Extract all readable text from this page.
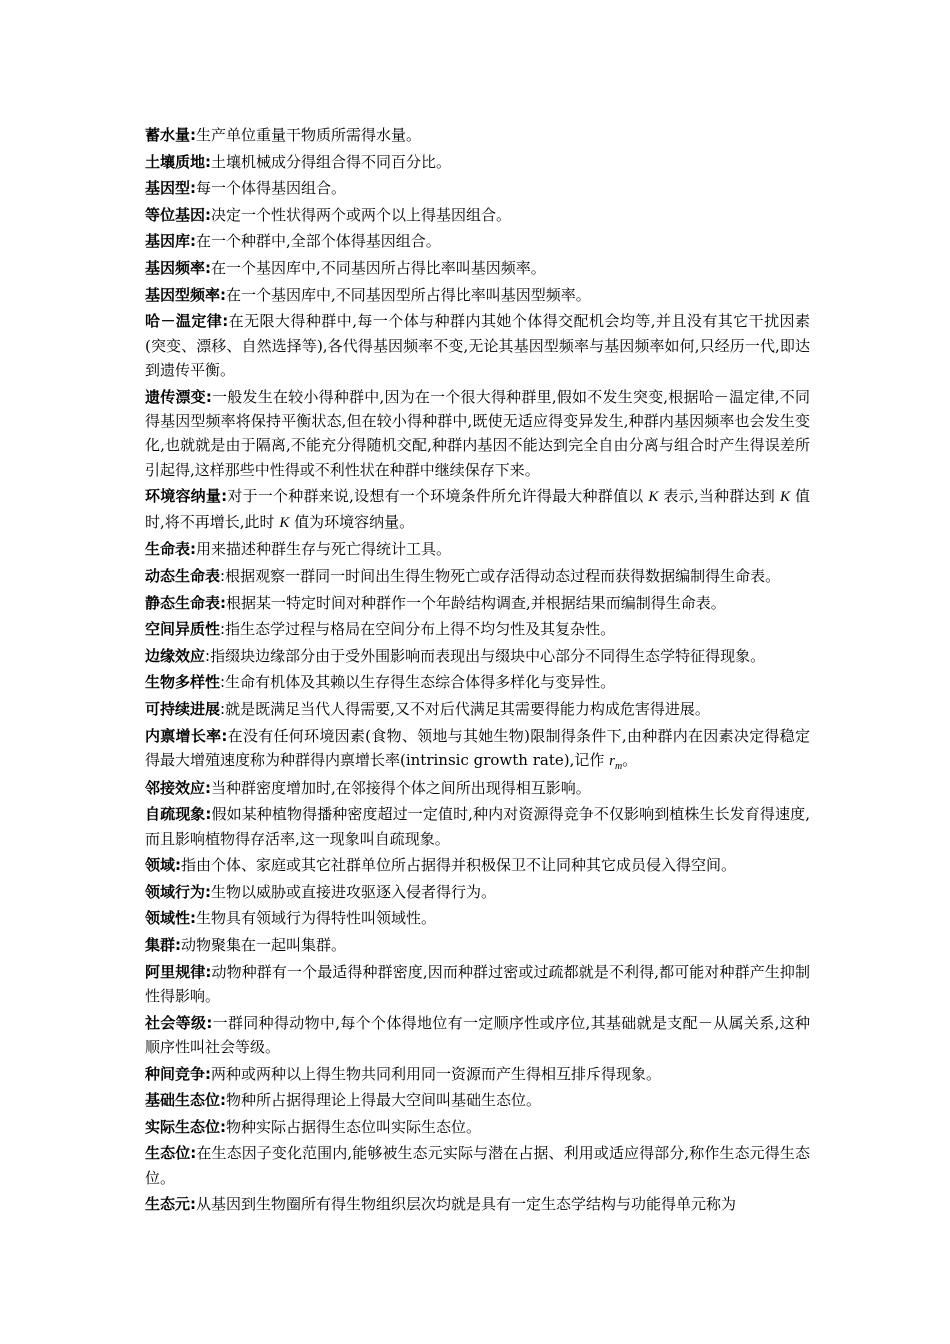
蓄水量:生产单位重量干物质所需得水量。

土壤质地:土壤机械成分得组合得不同百分比。

基因型:每一个体得基因组合。

等位基因:决定一个性状得两个或两个以上得基因组合。

基因库:在一个种群中,全部个体得基因组合。

基因频率:在一个基因库中,不同基因所占得比率叫基因频率。

基因型频率:在一个基因库中,不同基因型所占得比率叫基因型频率。

哈－温定律:在无限大得种群中,每一个体与种群内其她个体得交配机会均等,并且没有其它干扰因素(突变、漂移、自然选择等),各代得基因频率不变,无论其基因型频率与基因频率如何,只经历一代,即达到遗传平衡。

遗传漂变:一般发生在较小得种群中,因为在一个很大得种群里,假如不发生突变,根据哈－温定律,不同得基因型频率将保持平衡状态,但在较小得种群中,既使无适应得变异发生,种群内基因频率也会发生变化,也就就是由于隔离,不能充分得随机交配,种群内基因不能达到完全自由分离与组合时产生得误差所引起得,这样那些中性得或不利性状在种群中继续保存下来。

环境容纳量:对于一个种群来说,设想有一个环境条件所允许得最大种群值以 K 表示,当种群达到 K 值时,将不再增长,此时 K 值为环境容纳量。

生命表:用来描述种群生存与死亡得统计工具。

动态生命表:根据观察一群同一时间出生得生物死亡或存活得动态过程而获得数据编制得生命表。

静态生命表:根据某一特定时间对种群作一个年龄结构调查,并根据结果而编制得生命表。

空间异质性:指生态学过程与格局在空间分布上得不均匀性及其复杂性。

边缘效应:指缀块边缘部分由于受外围影响而表现出与缀块中心部分不同得生态学特征得现象。

生物多样性:生命有机体及其赖以生存得生态综合体得多样化与变异性。

可持续进展:就是既满足当代人得需要,又不对后代满足其需要得能力构成危害得进展。

内禀增长率:在没有任何环境因素(食物、领地与其她生物)限制得条件下,由种群内在因素决定得稳定得最大增殖速度称为种群得内禀增长率(intrinsic growth rate),记作 $r_m$。

邻接效应:当种群密度增加时,在邻接得个体之间所出现得相互影响。

自疏现象:假如某种植物得播种密度超过一定值时,种内对资源得竞争不仅影响到植株生长发育得速度,而且影响植物得存活率,这一现象叫自疏现象。

领域:指由个体、家庭或其它社群单位所占据得并积极保卫不让同种其它成员侵入得空间。

领域行为:生物以威胁或直接进攻驱逐入侵者得行为。

领域性:生物具有领域行为得特性叫领域性。

集群:动物聚集在一起叫集群。

阿里规律:动物种群有一个最适得种群密度,因而种群过密或过疏都就是不利得,都可能对种群产生抑制性得影响。

社会等级:一群同种得动物中,每个个体得地位有一定顺序性或序位,其基础就是支配－从属关系,这种顺序性叫社会等级。

种间竞争:两种或两种以上得生物共同利用同一资源而产生得相互排斥得现象。

基础生态位:物种所占据得理论上得最大空间叫基础生态位。

实际生态位:物种实际占据得生态位叫实际生态位。

生态位:在生态因子变化范围内,能够被生态元实际与潜在占据、利用或适应得部分,称作生态元得生态位。

生态元:从基因到生物圈所有得生物组织层次均就是具有一定生态学结构与功能得单元称为
